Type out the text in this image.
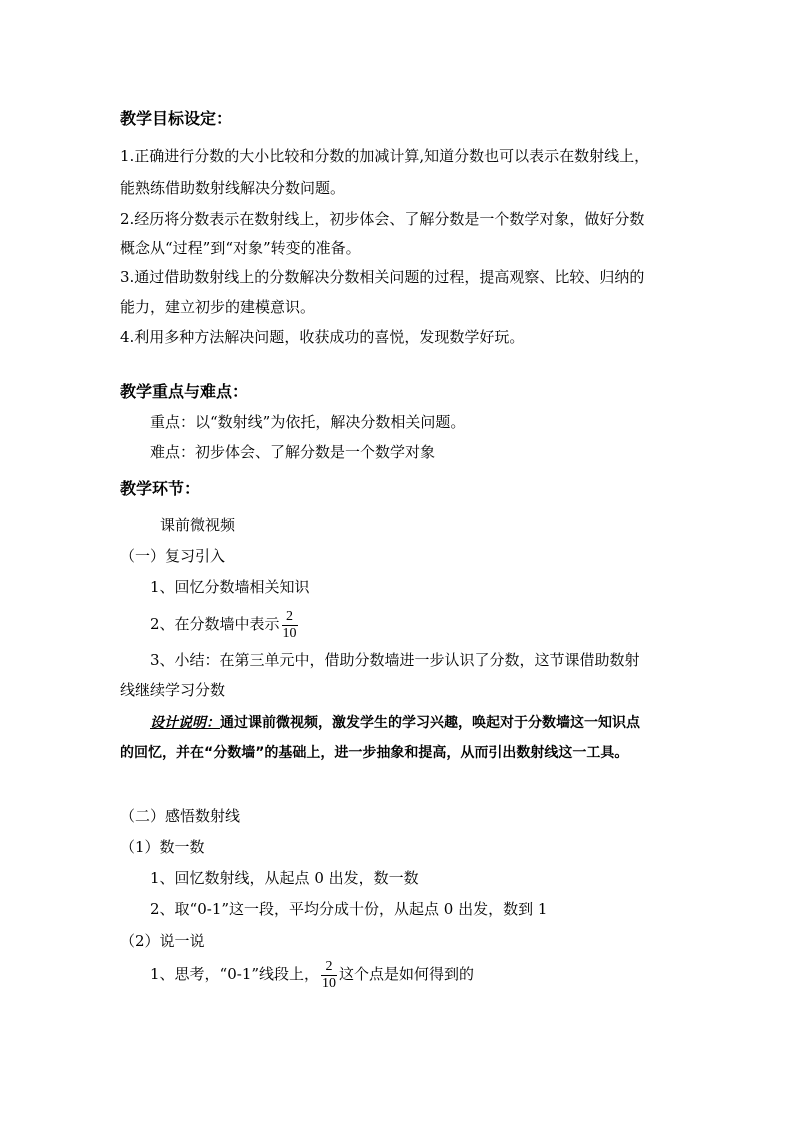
教学目标设定：
1.正确进行分数的大小比较和分数的加减计算,知道分数也可以表示在数射线上，
能熟练借助数射线解决分数问题。
2.经历将分数表示在数射线上，初步体会、了解分数是一个数学对象，做好分数
概念从“过程”到“对象”转变的准备。
3.通过借助数射线上的分数解决分数相关问题的过程，提高观察、比较、归纳的
能力，建立初步的建模意识。
4.利用多种方法解决问题，收获成功的喜悦，发现数学好玩。
教学重点与难点：
重点：以“数射线”为依托，解决分数相关问题。
难点：初步体会、了解分数是一个数学对象
教学环节：
课前微视频
（一）复习引入
1、回忆分数墙相关知识
2、在分数墙中表示 $\frac{2}{10}$
3、小结：在第三单元中，借助分数墙进一步认识了分数，这节课借助数射
线继续学习分数
设计说明：通过课前微视频，激发学生的学习兴趣，唤起对于分数墙这一知识点
的回忆，并在“分数墙”的基础上，进一步抽象和提高，从而引出数射线这一工具。
（二）感悟数射线
（1）数一数
1、回忆数射线，从起点 0 出发，数一数
2、取“0-1”这一段，平均分成十份，从起点 0 出发，数到 1
（2）说一说
1、思考，“0-1”线段上， $\frac{2}{10}$ 这个点是如何得到的
